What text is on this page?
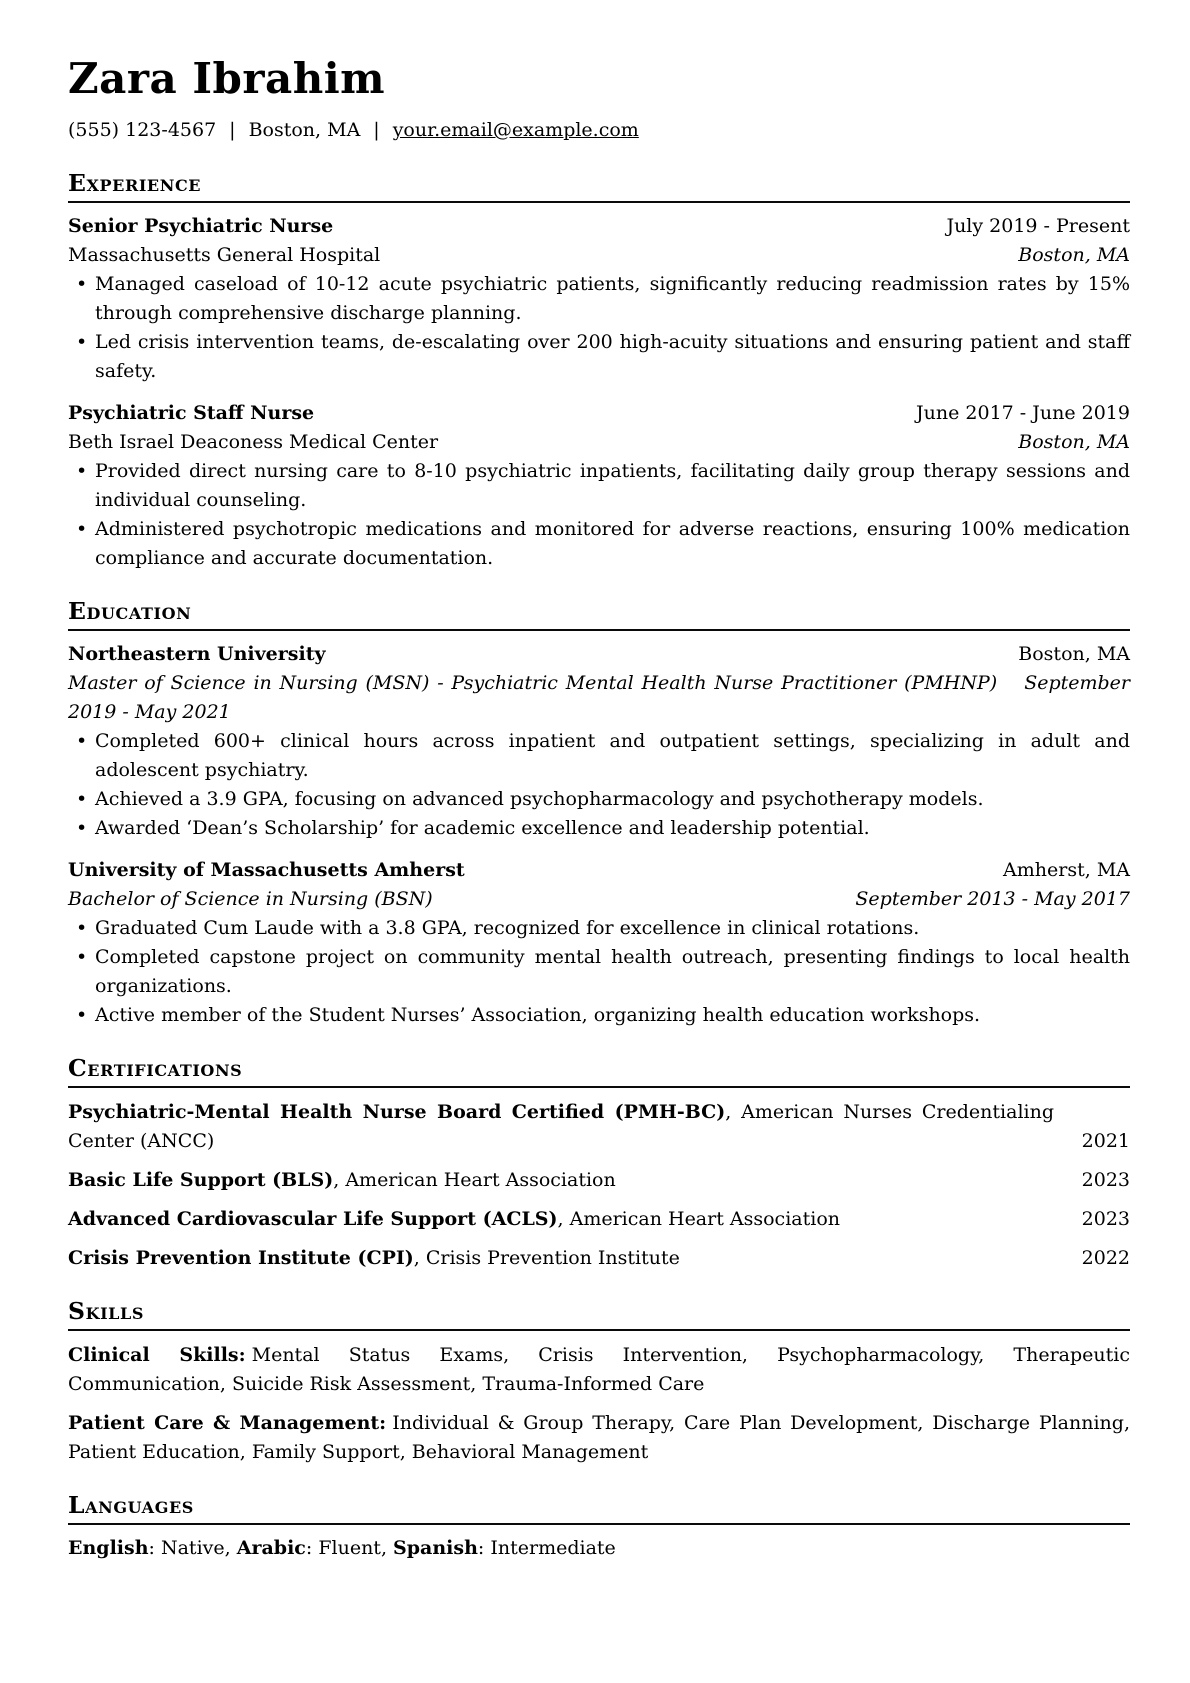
Zara Ibrahim
(555) 123-4567 | Boston, MA | your.email@example.com
Experience
Senior Psychiatric Nurse	July 2019 - Present
Massachusetts General Hospital	Boston, MA
• Managed caseload of 10-12 acute psychiatric patients, significantly reducing readmission rates by 15% through comprehensive discharge planning.
• Led crisis intervention teams, de-escalating over 200 high-acuity situations and ensuring patient and staff safety.
Psychiatric Staff Nurse	June 2017 - June 2019
Beth Israel Deaconess Medical Center	Boston, MA
• Provided direct nursing care to 8-10 psychiatric inpatients, facilitating daily group therapy sessions and individual counseling.
• Administered psychotropic medications and monitored for adverse reactions, ensuring 100% medication compliance and accurate documentation.
Education
Northeastern University	Boston, MA

Master of Science in Nursing (MSN) - Psychiatric Mental Health Nurse Practitioner (PMHNP) September 2019 - May 2021

• Completed 600+ clinical hours across inpatient and outpatient settings, specializing in adult and adolescent psychiatry.
• Achieved a 3.9 GPA, focusing on advanced psychopharmacology and psychotherapy models.
• Awarded ‘Dean’s Scholarship’ for academic excellence and leadership potential.
University of Massachusetts Amherst	Amherst, MA
Bachelor of Science in Nursing (BSN)	September 2013 - May 2017
• Graduated Cum Laude with a 3.8 GPA, recognized for excellence in clinical rotations.
• Completed capstone project on community mental health outreach, presenting findings to local health organizations.
• Active member of the Student Nurses’ Association, organizing health education workshops.
Certifications

Psychiatric-Mental Health Nurse Board Certified (PMH-BC), American Nurses Credentialing Center (ANCC)	2021

Basic Life Support (BLS), American Heart Association	2023

Advanced Cardiovascular Life Support (ACLS), American Heart Association	2023

Crisis Prevention Institute (CPI), Crisis Prevention Institute	2022
Skills

Clinical Skills: Mental Status Exams, Crisis Intervention, Psychopharmacology, Therapeutic Communication, Suicide Risk Assessment, Trauma-Informed Care

Patient Care & Management: Individual & Group Therapy, Care Plan Development, Discharge Planning, Patient Education, Family Support, Behavioral Management

Languages

English: Native, Arabic: Fluent, Spanish: Intermediate
